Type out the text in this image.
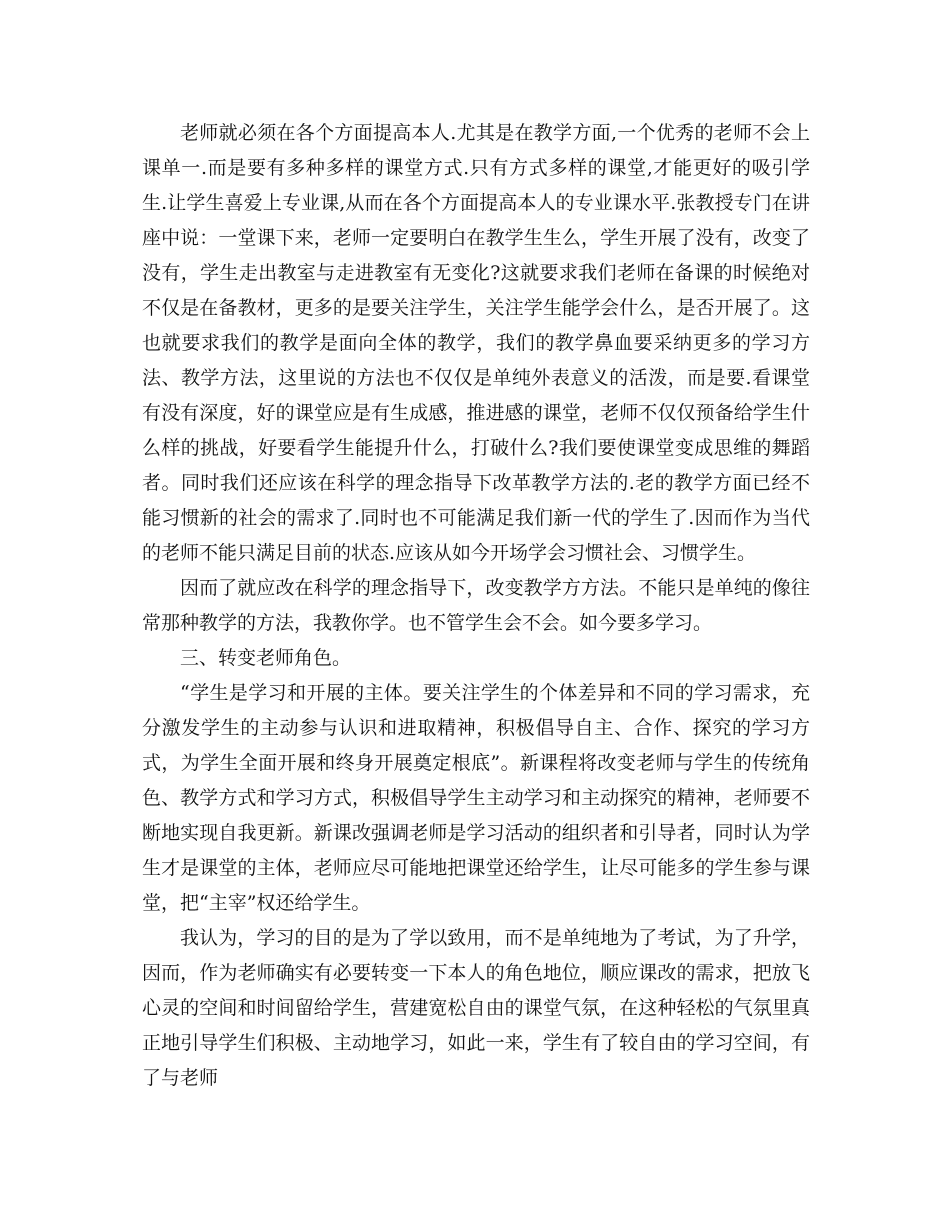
老师就必须在各个方面提高本人.尤其是在教学方面,一个优秀的老师不会上课单一.而是要有多种多样的课堂方式.只有方式多样的课堂,才能更好的吸引学生.让学生喜爱上专业课,从而在各个方面提高本人的专业课水平.张教授专门在讲座中说：一堂课下来，老师一定要明白在教学生生么，学生开展了没有，改变了没有，学生走出教室与走进教室有无变化?这就要求我们老师在备课的时候绝对不仅是在备教材，更多的是要关注学生，关注学生能学会什么，是否开展了。这也就要求我们的教学是面向全体的教学，我们的教学鼻血要采纳更多的学习方法、教学方法，这里说的方法也不仅仅是单纯外表意义的活泼，而是要.看课堂有没有深度，好的课堂应是有生成感，推进感的课堂，老师不仅仅预备给学生什么样的挑战，好要看学生能提升什么，打破什么?我们要使课堂变成思维的舞蹈者。同时我们还应该在科学的理念指导下改革教学方法的.老的教学方面已经不能习惯新的社会的需求了.同时也不可能满足我们新一代的学生了.因而作为当代的老师不能只满足目前的状态.应该从如今开场学会习惯社会、习惯学生。

因而了就应改在科学的理念指导下，改变教学方方法。不能只是单纯的像往常那种教学的方法，我教你学。也不管学生会不会。如今要多学习。

三、转变老师角色。

“学生是学习和开展的主体。要关注学生的个体差异和不同的学习需求，充分激发学生的主动参与认识和进取精神，积极倡导自主、合作、探究的学习方式，为学生全面开展和终身开展奠定根底”。新课程将改变老师与学生的传统角色、教学方式和学习方式，积极倡导学生主动学习和主动探究的精神，老师要不断地实现自我更新。新课改强调老师是学习活动的组织者和引导者，同时认为学生才是课堂的主体，老师应尽可能地把课堂还给学生，让尽可能多的学生参与课堂，把“主宰”权还给学生。

我认为，学习的目的是为了学以致用，而不是单纯地为了考试，为了升学，因而，作为老师确实有必要转变一下本人的角色地位，顺应课改的需求，把放飞心灵的空间和时间留给学生，营建宽松自由的课堂气氛，在这种轻松的气氛里真正地引导学生们积极、主动地学习，如此一来，学生有了较自由的学习空间，有了与老师
